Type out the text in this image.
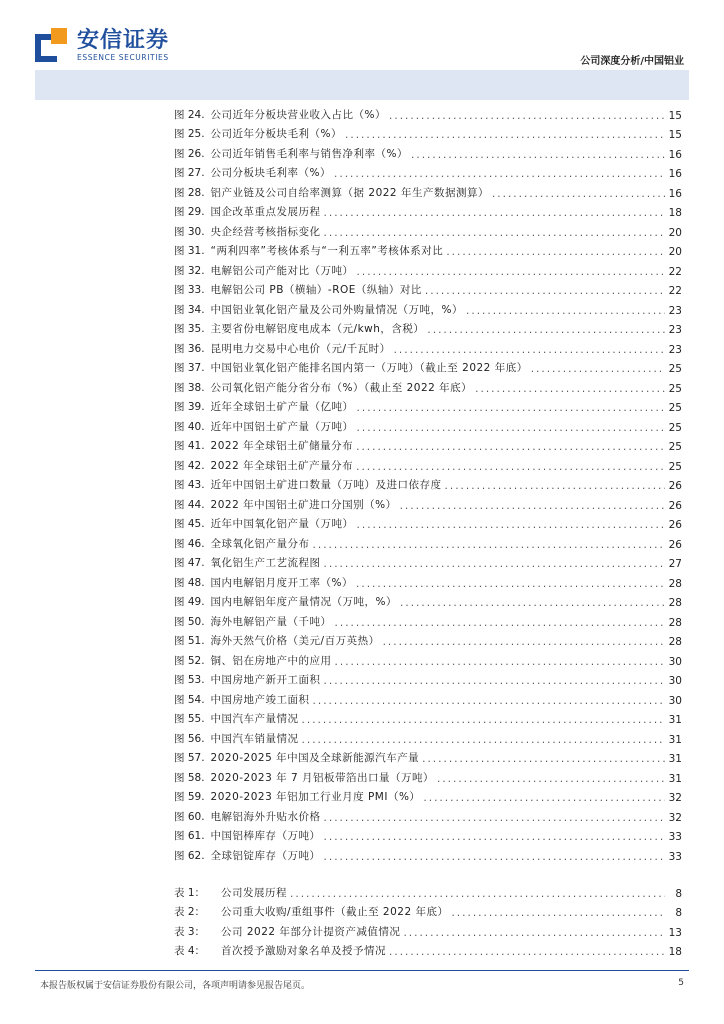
安信证券
ESSENCE SECURITIES	公司深度分析/中国铝业
图 24. 公司近年分板块营业收入占比（%） .....	15
图 25. 公司近年分板块毛利（%） .....	15
图 26. 公司近年销售毛利率与销售净利率（%） .....	16
图 27. 公司分板块毛利率（%） .....	16
图 28. 铝产业链及公司自给率测算（据 2022 年生产数据测算） .....	16
图 29. 国企改革重点发展历程 .....	18
图 30. 央企经营考核指标变化 .....	20
图 31. “两利四率”考核体系与“一利五率”考核体系对比 .....	20
图 32. 电解铝公司产能对比（万吨） .....	22
图 33. 电解铝公司 PB（横轴）-ROE（纵轴）对比 .....	22
图 34. 中国铝业氧化铝产量及公司外购量情况（万吨，%） .....	23
图 35. 主要省份电解铝度电成本（元/kwh，含税） .....	23
图 36. 昆明电力交易中心电价（元/千瓦时） .....	23
图 37. 中国铝业氧化铝产能排名国内第一（万吨）（截止至 2022 年底） .....	25
图 38. 公司氧化铝产能分省分布（%）（截止至 2022 年底） .....	25
图 39. 近年全球铝土矿产量（亿吨） .....	25
图 40. 近年中国铝土矿产量（万吨） .....	25
图 41. 2022 年全球铝土矿储量分布 .....	25
图 42. 2022 年全球铝土矿产量分布 .....	25
图 43. 近年中国铝土矿进口数量（万吨）及进口依存度 .....	26
图 44. 2022 年中国铝土矿进口分国别（%） .....	26
图 45. 近年中国氧化铝产量（万吨） .....	26
图 46. 全球氧化铝产量分布 .....	26
图 47. 氧化铝生产工艺流程图 .....	27
图 48. 国内电解铝月度开工率（%） .....	28
图 49. 国内电解铝年度产量情况（万吨，%） .....	28
图 50. 海外电解铝产量（千吨） .....	28
图 51. 海外天然气价格（美元/百万英热） .....	28
图 52. 铜、铝在房地产中的应用 .....	30
图 53. 中国房地产新开工面积 .....	30
图 54. 中国房地产竣工面积 .....	30
图 55. 中国汽车产量情况 .....	31
图 56. 中国汽车销量情况 .....	31
图 57. 2020-2025 年中国及全球新能源汽车产量 .....	31
图 58. 2020-2023 年 7 月铝板带箔出口量（万吨） .....	31
图 59. 2020-2023 年铝加工行业月度 PMI（%） .....	32
图 60. 电解铝海外升贴水价格 .....	32
图 61. 中国铝棒库存（万吨） .....	33
图 62. 全球铝锭库存（万吨） .....	33
表 1： 公司发展历程 .....	8
表 2： 公司重大收购/重组事件（截止至 2022 年底） .....	8
表 3： 公司 2022 年部分计提资产减值情况 .....	13
表 4： 首次授予激励对象名单及授予情况 .....	18
本报告版权属于安信证券股份有限公司，各项声明请参见报告尾页。	5
